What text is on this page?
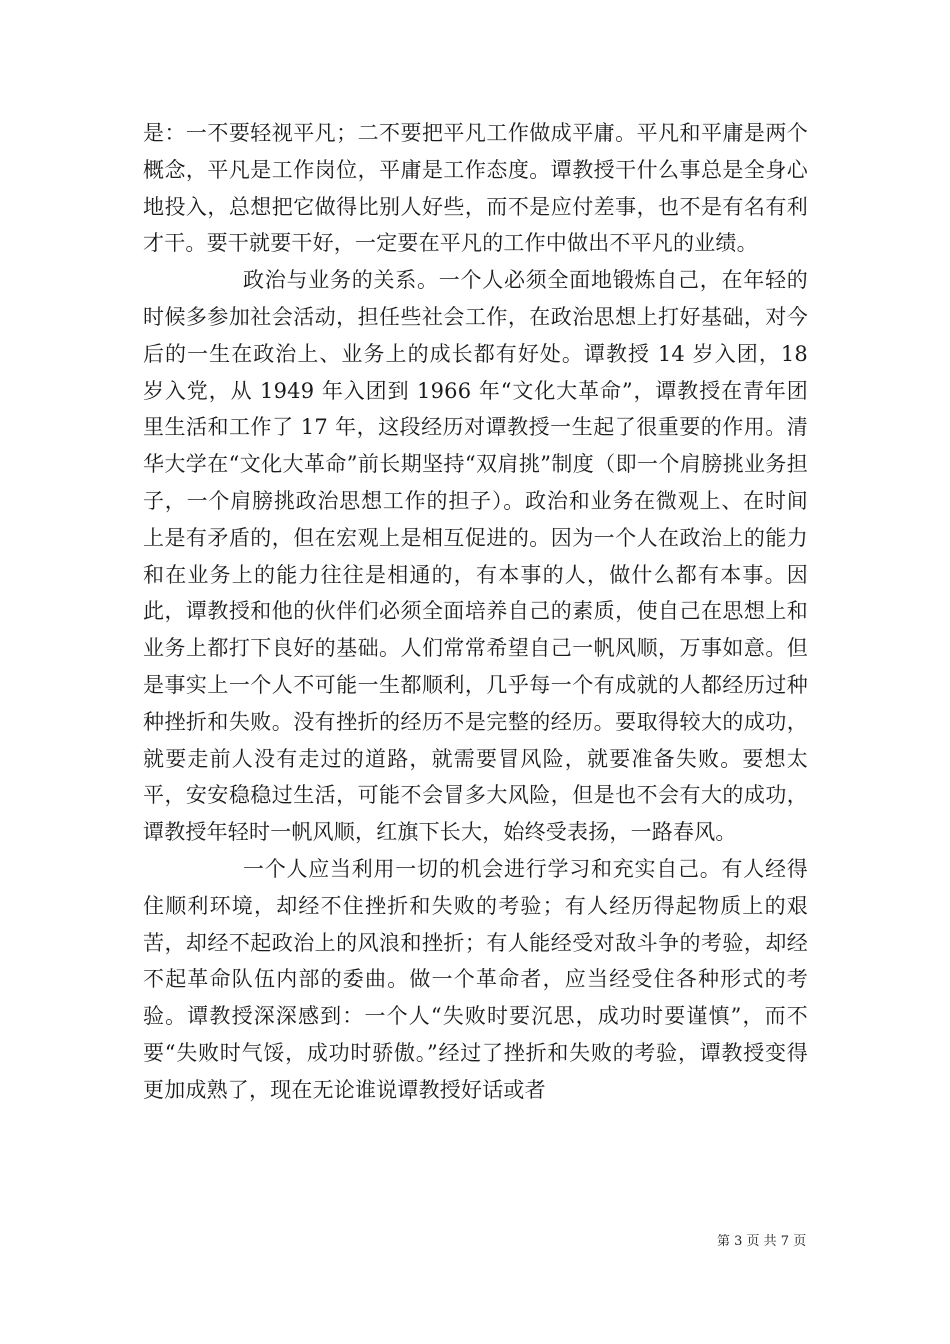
是：一不要轻视平凡；二不要把平凡工作做成平庸。平凡和平庸是两个概念，平凡是工作岗位，平庸是工作态度。谭教授干什么事总是全身心地投入，总想把它做得比别人好些，而不是应付差事，也不是有名有利才干。要干就要干好，一定要在平凡的工作中做出不平凡的业绩。

政治与业务的关系。一个人必须全面地锻炼自己，在年轻的时候多参加社会活动，担任些社会工作，在政治思想上打好基础，对今后的一生在政治上、业务上的成长都有好处。谭教授 14 岁入团，18 岁入党，从 1949 年入团到 1966 年“文化大革命”，谭教授在青年团里生活和工作了 17 年，这段经历对谭教授一生起了很重要的作用。清华大学在“文化大革命”前长期坚持“双肩挑”制度（即一个肩膀挑业务担子，一个肩膀挑政治思想工作的担子）。政治和业务在微观上、在时间上是有矛盾的，但在宏观上是相互促进的。因为一个人在政治上的能力和在业务上的能力往往是相通的，有本事的人，做什么都有本事。因此，谭教授和他的伙伴们必须全面培养自己的素质，使自己在思想上和业务上都打下良好的基础。人们常常希望自己一帆风顺，万事如意。但是事实上一个人不可能一生都顺利，几乎每一个有成就的人都经历过种种挫折和失败。没有挫折的经历不是完整的经历。要取得较大的成功，就要走前人没有走过的道路，就需要冒风险，就要准备失败。要想太平，安安稳稳过生活，可能不会冒多大风险，但是也不会有大的成功，谭教授年轻时一帆风顺，红旗下长大，始终受表扬，一路春风。

一个人应当利用一切的机会进行学习和充实自己。有人经得住顺利环境，却经不住挫折和失败的考验；有人经历得起物质上的艰苦，却经不起政治上的风浪和挫折；有人能经受对敌斗争的考验，却经不起革命队伍内部的委曲。做一个革命者，应当经受住各种形式的考验。谭教授深深感到：一个人“失败时要沉思，成功时要谨慎”，而不要“失败时气馁，成功时骄傲。”经过了挫折和失败的考验，谭教授变得更加成熟了，现在无论谁说谭教授好话或者

第 3 页 共 7 页
